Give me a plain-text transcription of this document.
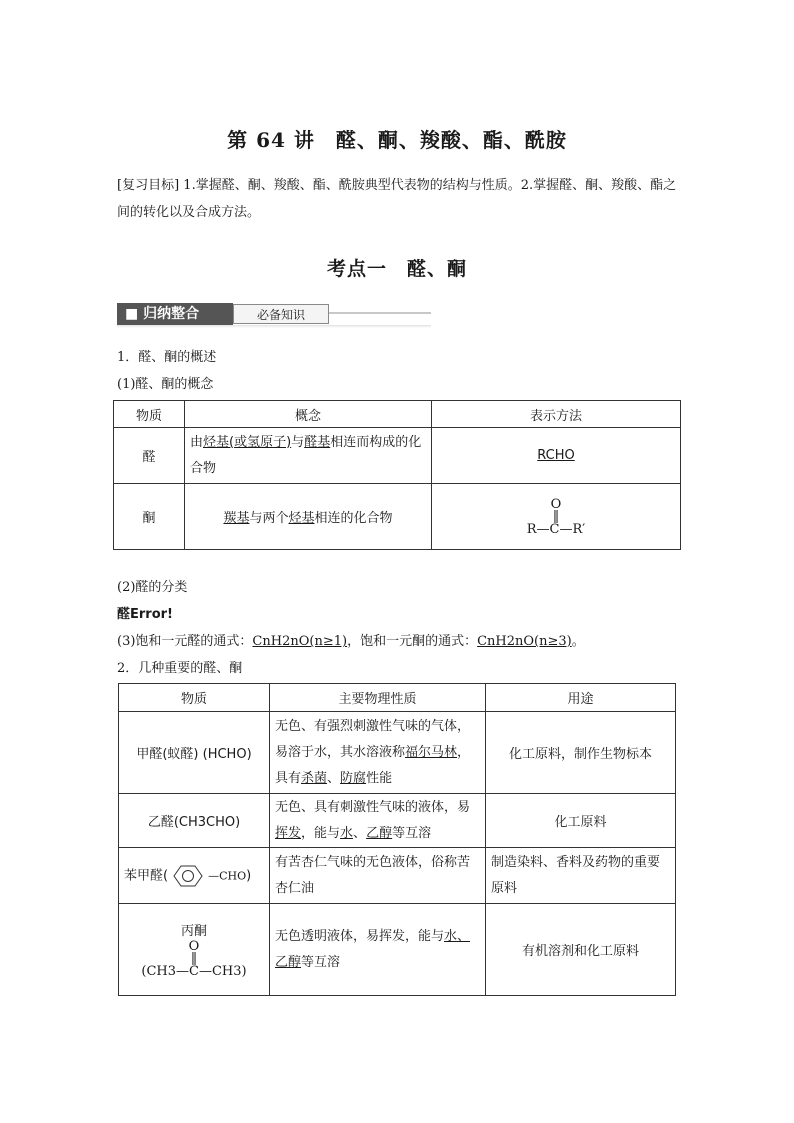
第 64 讲　醛、酮、羧酸、酯、酰胺
[复习目标] 1.掌握醛、酮、羧酸、酯、酰胺典型代表物的结构与性质。2.掌握醛、酮、羧酸、酯之间的转化以及合成方法。
考点一　醛、酮
■ 归纳整合	必备知识
1．醛、酮的概述
(1)醛、酮的概念
物质	概念	表示方法
醛	由烃基(或氢原子)与醛基相连而构成的化合物	RCHO
酮	羰基与两个烃基相连的化合物	O
‖
R—C—R′
(2)醛的分类
醛Error!
(3)饱和一元醛的通式：CnH2nO(n≥1)，饱和一元酮的通式：CnH2nO(n≥3)。
2．几种重要的醛、酮
物质	主要物理性质	用途
甲醛(蚁醛) (HCHO)	无色、有强烈刺激性气味的气体，易溶于水，其水溶液称福尔马林，具有杀菌、防腐性能	化工原料，制作生物标本
乙醛(CH3CHO)	无色、具有刺激性气味的液体，易挥发，能与水、乙醇等互溶	化工原料
苯甲醛( —CHO)	有苦杏仁气味的无色液体，俗称苦杏仁油	制造染料、香料及药物的重要原料

丙酮
O
‖
(CH3—C—CH3)	无色透明液体，易挥发，能与水、乙醇等互溶	有机溶剂和化工原料
